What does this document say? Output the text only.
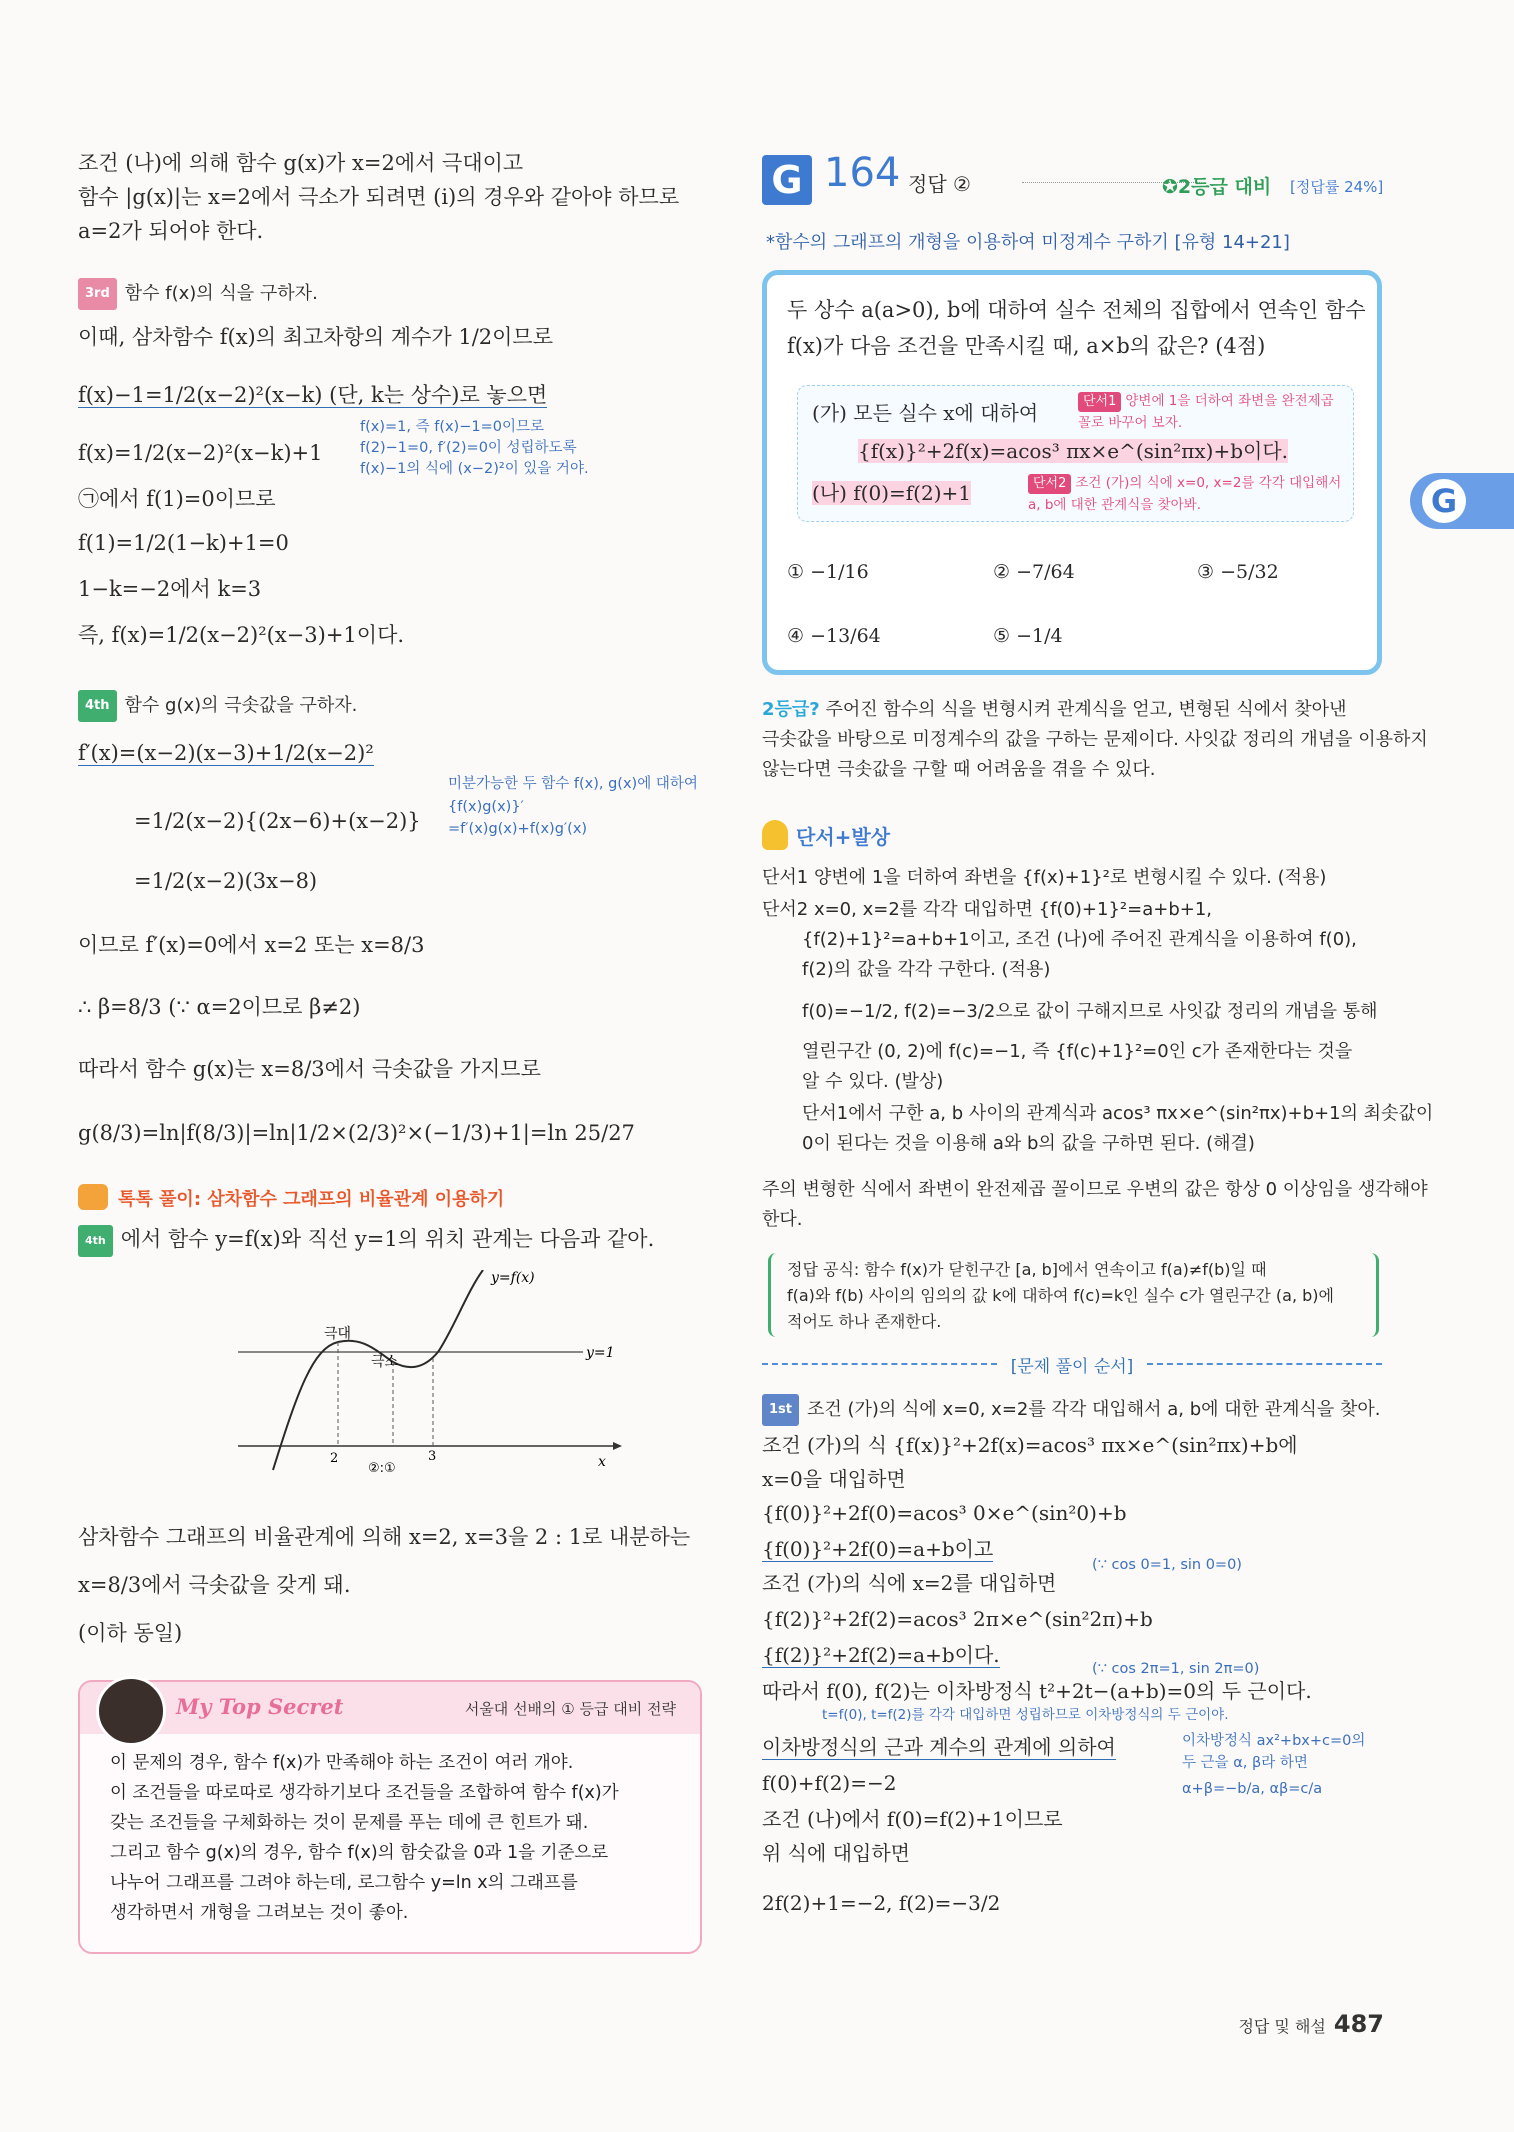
조건 (나)에 의해 함수 g(x)가 x=2에서 극대이고
함수 |g(x)|는 x=2에서 극소가 되려면 (i)의 경우와 같아야 하므로
a=2가 되어야 한다.
3rd 함수 f(x)의 식을 구하자.
이때, 삼차함수 f(x)의 최고차항의 계수가 1/2이므로
f(x)−1=1/2(x−2)²(x−k) (단, k는 상수)로 놓으면
f(x)=1/2(x−2)²(x−k)+1
f(x)=1, 즉 f(x)−1=0이므로
f(2)−1=0, f′(2)=0이 성립하도록
f(x)−1의 식에 (x−2)²이 있을 거야.
㉠에서 f(1)=0이므로
f(1)=1/2(1−k)+1=0
1−k=−2에서 k=3
즉, f(x)=1/2(x−2)²(x−3)+1이다.
4th 함수 g(x)의 극솟값을 구하자.
f′(x)=(x−2)(x−3)+1/2(x−2)²
미분가능한 두 함수 f(x), g(x)에 대하여
{f(x)g(x)}′
=f′(x)g(x)+f(x)g′(x)
=1/2(x−2){(2x−6)+(x−2)}
=1/2(x−2)(3x−8)
이므로 f′(x)=0에서 x=2 또는 x=8/3
∴ β=8/3 (∵ α=2이므로 β≠2)
따라서 함수 g(x)는 x=8/3에서 극솟값을 가지므로
g(8/3)=ln|f(8/3)|=ln|1/2×(2/3)²×(−1/3)+1|=ln 25/27
톡톡 풀이: 삼차함수 그래프의 비율관계 이용하기
4th 에서 함수 y=f(x)와 직선 y=1의 위치 관계는 다음과 같아.
y=f(x)
y=1
극대
극소
x
2	3
②:①
삼차함수 그래프의 비율관계에 의해 x=2, x=3을 2 : 1로 내분하는
x=8/3에서 극솟값을 갖게 돼.
(이하 동일)
My Top Secret	서울대 선배의 ① 등급 대비 전략
이 문제의 경우, 함수 f(x)가 만족해야 하는 조건이 여러 개야.
이 조건들을 따로따로 생각하기보다 조건들을 조합하여 함수 f(x)가
갖는 조건들을 구체화하는 것이 문제를 푸는 데에 큰 힌트가 돼.
그리고 함수 g(x)의 경우, 함수 f(x)의 함숫값을 0과 1을 기준으로
나누어 그래프를 그려야 하는데, 로그함수 y=ln x의 그래프를
생각하면서 개형을 그려보는 것이 좋아.
G 164 정답 ②	✪2등급 대비 [정답률 24%]
*함수의 그래프의 개형을 이용하여 미정계수 구하기 [유형 14+21]
두 상수 a(a>0), b에 대하여 실수 전체의 집합에서 연속인 함수
f(x)가 다음 조건을 만족시킬 때, a×b의 값은? (4점)
(가) 모든 실수 x에 대하여
{f(x)}²+2f(x)=acos³ πx×e^(sin²πx)+b이다.
(나) f(0)=f(2)+1
단서1 양변에 1을 더하여 좌변을 완전제곱 꼴로 바꾸어 보자.
단서2 조건 (가)의 식에 x=0, x=2를 각각 대입해서 a, b에 대한 관계식을 찾아봐.
① −1/16	② −7/64	③ −5/32
④ −13/64	⑤ −1/4
2등급? 주어진 함수의 식을 변형시켜 관계식을 얻고, 변형된 식에서 찾아낸
극솟값을 바탕으로 미정계수의 값을 구하는 문제이다. 사잇값 정리의 개념을 이용하지
않는다면 극솟값을 구할 때 어려움을 겪을 수 있다.
단서+발상
단서1 양변에 1을 더하여 좌변을 {f(x)+1}²로 변형시킬 수 있다. (적용)
단서2 x=0, x=2를 각각 대입하면 {f(0)+1}²=a+b+1,
{f(2)+1}²=a+b+1이고, 조건 (나)에 주어진 관계식을 이용하여 f(0),
f(2)의 값을 각각 구한다. (적용)
f(0)=−1/2, f(2)=−3/2으로 값이 구해지므로 사잇값 정리의 개념을 통해
열린구간 (0, 2)에 f(c)=−1, 즉 {f(c)+1}²=0인 c가 존재한다는 것을
알 수 있다. (발상)
단서1에서 구한 a, b 사이의 관계식과 acos³ πx×e^(sin²πx)+b+1의 최솟값이
0이 된다는 것을 이용해 a와 b의 값을 구하면 된다. (해결)
주의 변형한 식에서 좌변이 완전제곱 꼴이므로 우변의 값은 항상 0 이상임을 생각해야
한다.
정답 공식: 함수 f(x)가 닫힌구간 [a, b]에서 연속이고 f(a)≠f(b)일 때
f(a)와 f(b) 사이의 임의의 값 k에 대하여 f(c)=k인 실수 c가 열린구간 (a, b)에
적어도 하나 존재한다.
[문제 풀이 순서]
1st 조건 (가)의 식에 x=0, x=2를 각각 대입해서 a, b에 대한 관계식을 찾아.
조건 (가)의 식 {f(x)}²+2f(x)=acos³ πx×e^(sin²πx)+b에
x=0을 대입하면
{f(0)}²+2f(0)=acos³ 0×e^(sin²0)+b
{f(0)}²+2f(0)=a+b이고
(∵ cos 0=1, sin 0=0)
조건 (가)의 식에 x=2를 대입하면
{f(2)}²+2f(2)=acos³ 2π×e^(sin²2π)+b
{f(2)}²+2f(2)=a+b이다.
(∵ cos 2π=1, sin 2π=0)
따라서 f(0), f(2)는 이차방정식 t²+2t−(a+b)=0의 두 근이다.
t=f(0), t=f(2)를 각각 대입하면 성립하므로 이차방정식의 두 근이야.
이차방정식의 근과 계수의 관계에 의하여	이차방정식 ax²+bx+c=0의
두 근을 α, β라 하면
α+β=−b/a, αβ=c/a
f(0)+f(2)=−2
조건 (나)에서 f(0)=f(2)+1이므로
위 식에 대입하면
2f(2)+1=−2, f(2)=−3/2
G
정답 및 해설 487
